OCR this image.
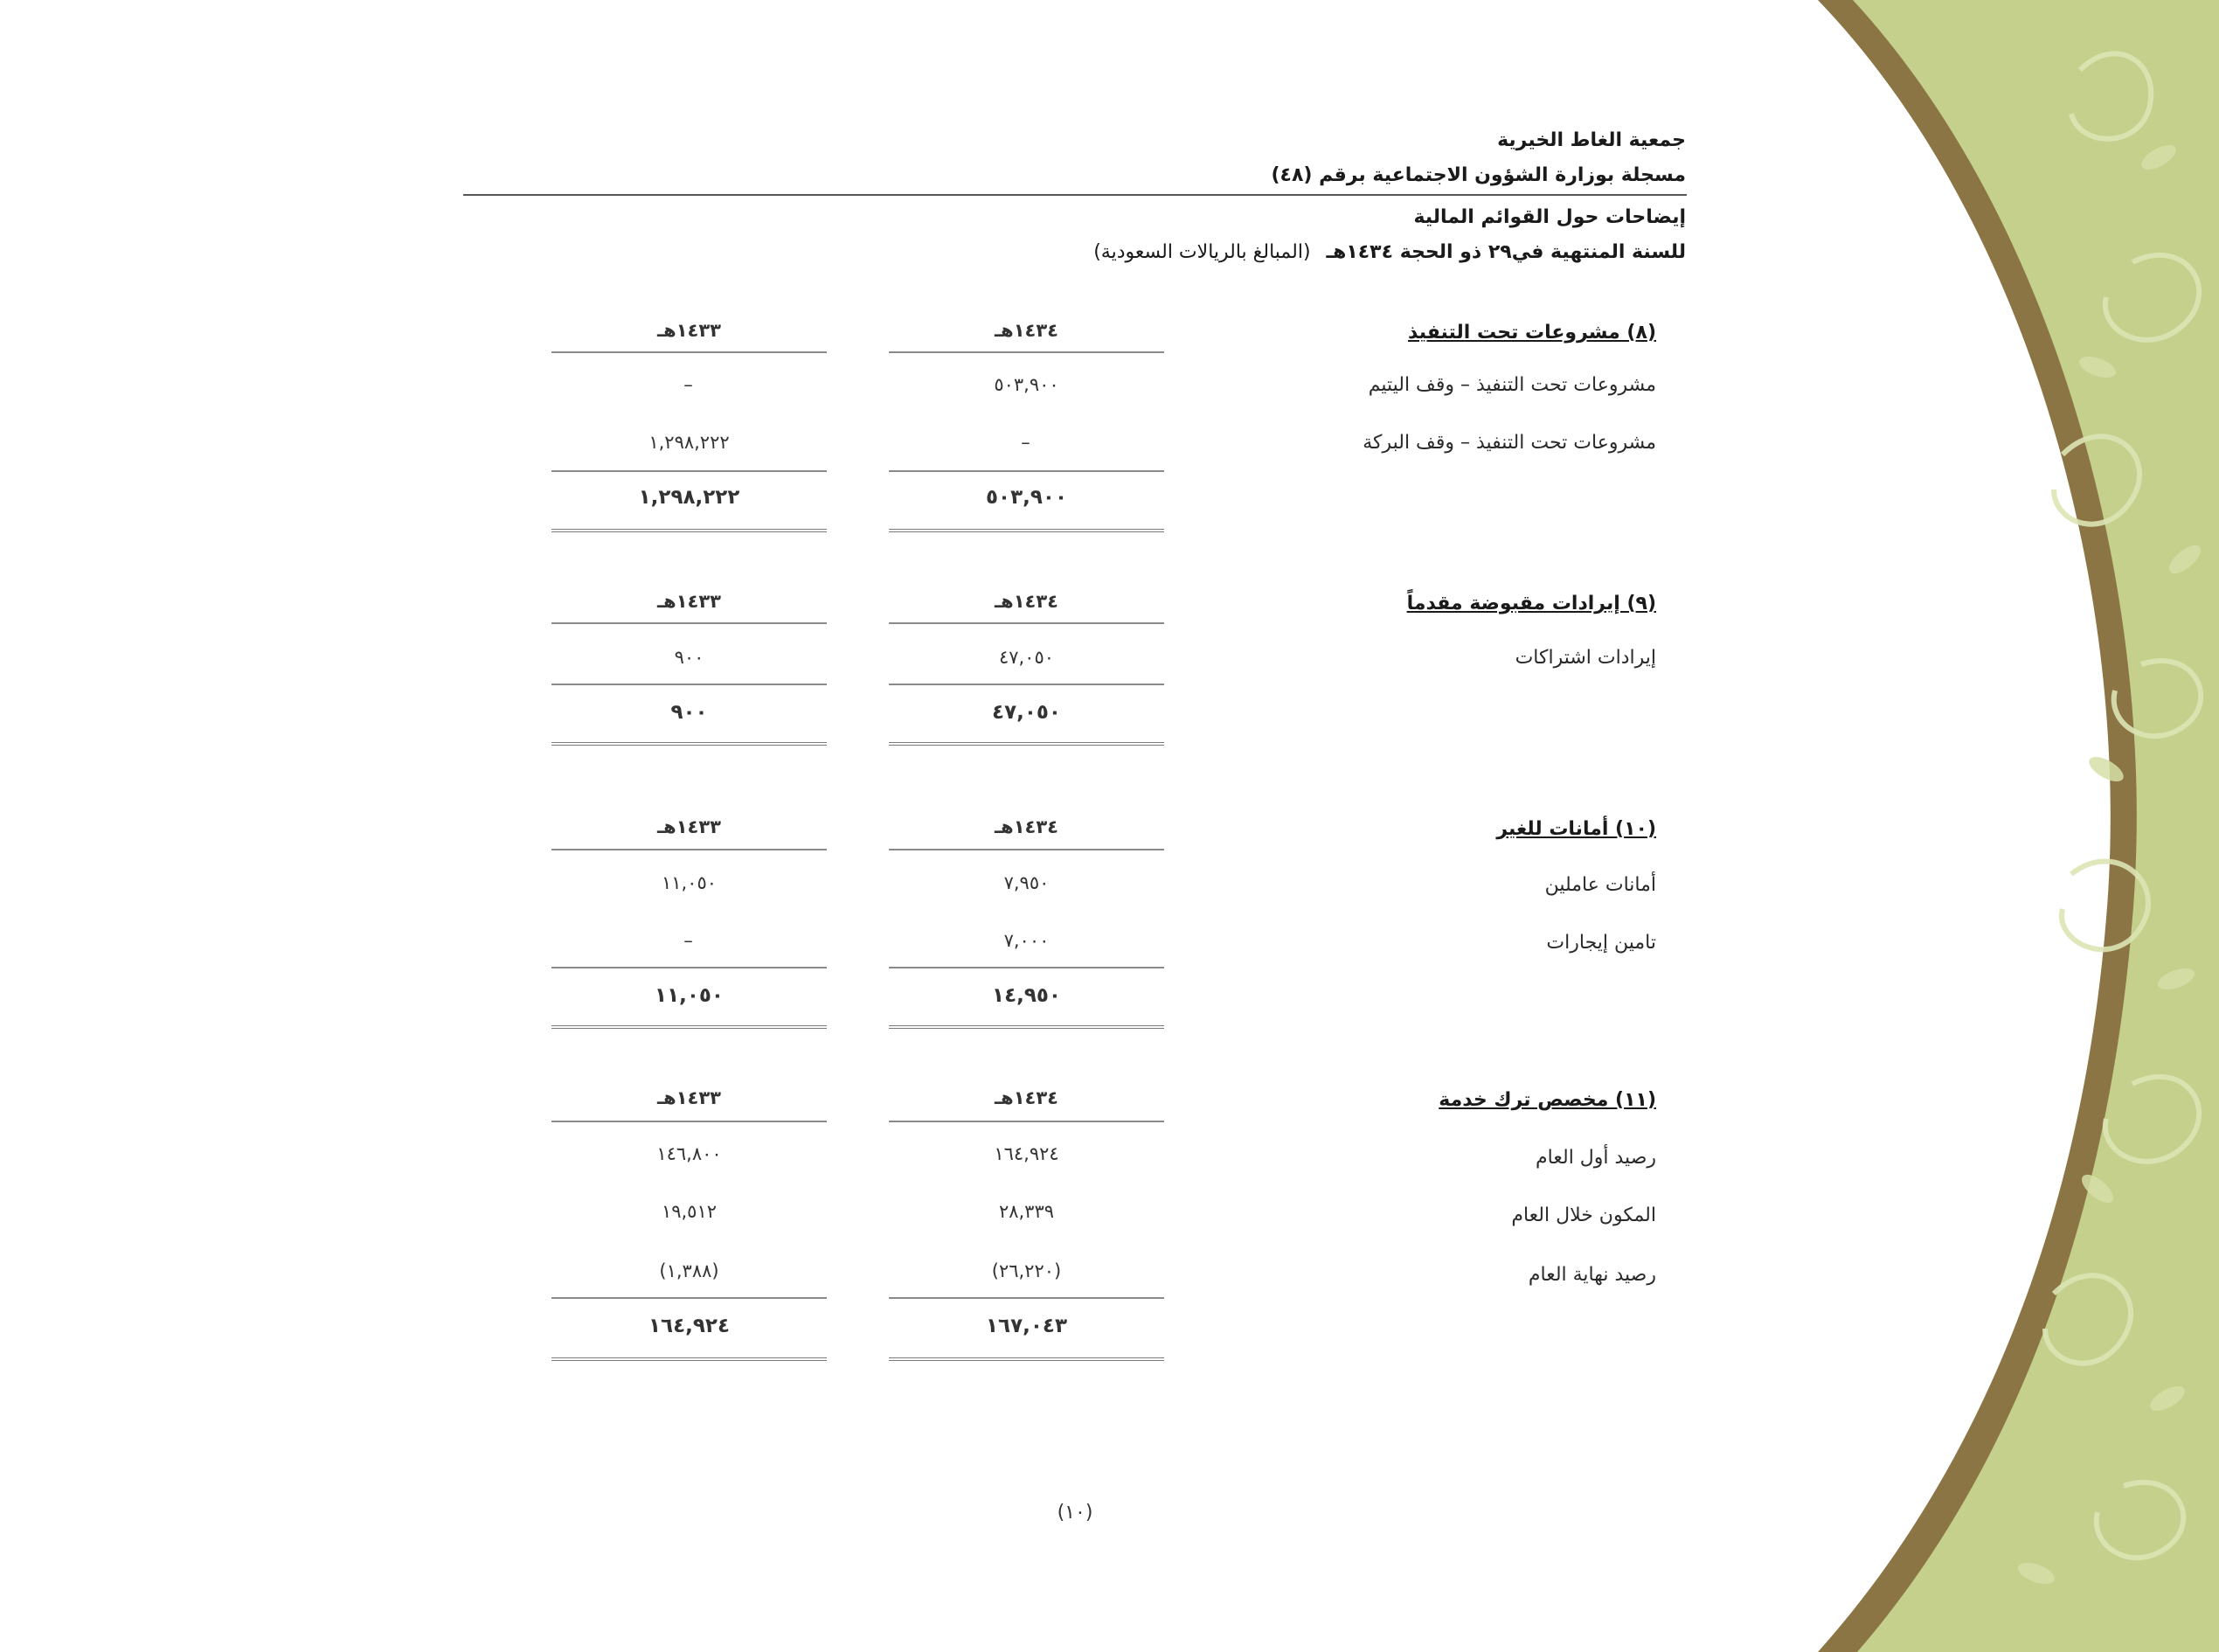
جمعية الغاط الخيرية
مسجلة بوزارة الشؤون الاجتماعية برقم (٤٨)
إيضاحات حول القوائم المالية
للسنة المنتهية في٢٩ ذو الحجة ١٤٣٤هـ(المبالغ بالريالات السعودية)
(٨) مشروعات تحت التنفيذ
١٤٣٤هـ
١٤٣٣هـ
مشروعات تحت التنفيذ – وقف اليتيم
٥٠٣,٩٠٠
–
مشروعات تحت التنفيذ – وقف البركة
–
١,٢٩٨,٢٢٢
٥٠٣,٩٠٠
١,٢٩٨,٢٢٢
(٩) إيرادات مقبوضة مقدماً
١٤٣٤هـ
١٤٣٣هـ
إيرادات اشتراكات
٤٧,٠٥٠
٩٠٠
٤٧,٠٥٠
٩٠٠
(١٠) أمانات للغير
١٤٣٤هـ
١٤٣٣هـ
أمانات عاملين
٧,٩٥٠
١١,٠٥٠
تامين إيجارات
٧,٠٠٠
–
١٤,٩٥٠
١١,٠٥٠
(١١) مخصص ترك خدمة
١٤٣٤هـ
١٤٣٣هـ
رصيد أول العام
١٦٤,٩٢٤
١٤٦,٨٠٠
المكون خلال العام
٢٨,٣٣٩
١٩,٥١٢
رصيد نهاية العام
(٢٦,٢٢٠)
(١,٣٨٨)
١٦٧,٠٤٣
١٦٤,٩٢٤
(١٠)
